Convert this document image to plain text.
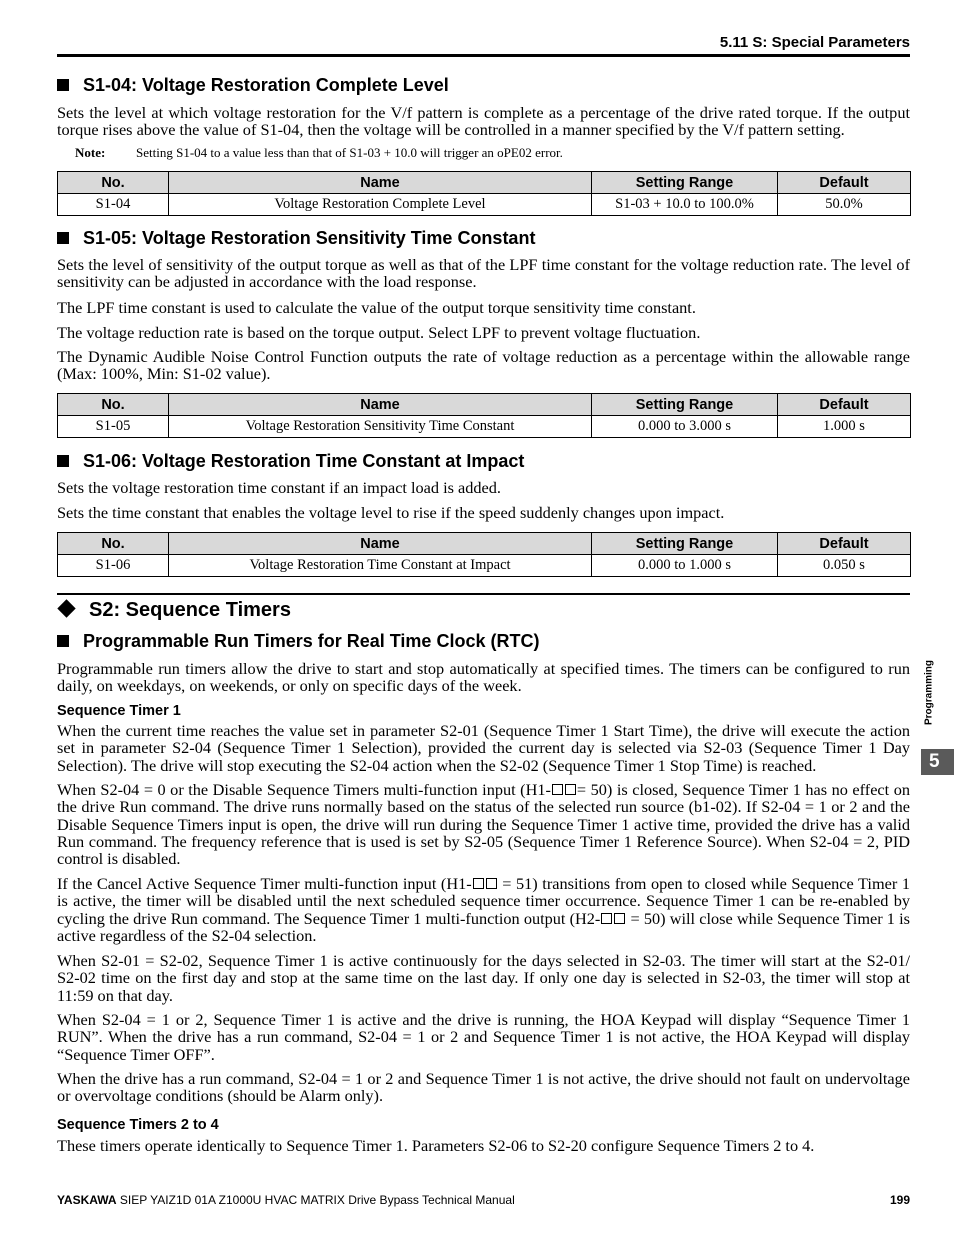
5.11 S: Special Parameters
S1-04: Voltage Restoration Complete Level
Sets the level at which voltage restoration for the V/f pattern is complete as a percentage of the drive rated torque. If the output torque rises above the value of S1-04, then the voltage will be controlled in a manner specified by the V/f pattern setting.
Note: Setting S1-04 to a value less than that of S1-03 + 10.0 will trigger an oPE02 error.
No.	Name	Setting Range	Default
S1-04	Voltage Restoration Complete Level	S1-03 + 10.0 to 100.0%	50.0%
S1-05: Voltage Restoration Sensitivity Time Constant
Sets the level of sensitivity of the output torque as well as that of the LPF time constant for the voltage reduction rate. The level of sensitivity can be adjusted in accordance with the load response.
The LPF time constant is used to calculate the value of the output torque sensitivity time constant.
The voltage reduction rate is based on the torque output. Select LPF to prevent voltage fluctuation.
The Dynamic Audible Noise Control Function outputs the rate of voltage reduction as a percentage within the allowable range (Max: 100%, Min: S1-02 value).
No.	Name	Setting Range	Default
S1-05	Voltage Restoration Sensitivity Time Constant	0.000 to 3.000 s	1.000 s
S1-06: Voltage Restoration Time Constant at Impact
Sets the voltage restoration time constant if an impact load is added.
Sets the time constant that enables the voltage level to rise if the speed suddenly changes upon impact.
No.	Name	Setting Range	Default
S1-06	Voltage Restoration Time Constant at Impact	0.000 to 1.000 s	0.050 s
S2: Sequence Timers
Programmable Run Timers for Real Time Clock (RTC)
Programmable run timers allow the drive to start and stop automatically at specified times. The timers can be configured to run daily, on weekdays, on weekends, or only on specific days of the week.
Sequence Timer 1
When the current time reaches the value set in parameter S2-01 (Sequence Timer 1 Start Time), the drive will execute the action set in parameter S2-04 (Sequence Timer 1 Selection), provided the current day is selected via S2-03 (Sequence Timer 1 Day Selection). The drive will stop executing the S2-04 action when the S2-02 (Sequence Timer 1 Stop Time) is reached.
When S2-04 = 0 or the Disable Sequence Timers multi-function input (H1- = 50) is closed, Sequence Timer 1 has no effect on the drive Run command. The drive runs normally based on the status of the selected run source (b1-02). If S2-04 = 1 or 2 and the Disable Sequence Timers input is open, the drive will run during the Sequence Timer 1 active time, provided the drive has a valid Run command. The frequency reference that is used is set by S2-05 (Sequence Timer 1 Reference Source). When S2-04 = 2, PID control is disabled.
If the Cancel Active Sequence Timer multi-function input (H1- = 51) transitions from open to closed while Sequence Timer 1 is active, the timer will be disabled until the next scheduled sequence timer occurrence. Sequence Timer 1 can be re-enabled by cycling the drive Run command. The Sequence Timer 1 multi-function output (H2- = 50) will close while Sequence Timer 1 is active regardless of the S2-04 selection.
When S2-01 = S2-02, Sequence Timer 1 is active continuously for the days selected in S2-03. The timer will start at the S2-01/ S2-02 time on the first day and stop at the same time on the last day. If only one day is selected in S2-03, the timer will stop at 11:59 on that day.
When S2-04 = 1 or 2, Sequence Timer 1 is active and the drive is running, the HOA Keypad will display “Sequence Timer 1 RUN”. When the drive has a run command, S2-04 = 1 or 2 and Sequence Timer 1 is not active, the HOA Keypad will display “Sequence Timer OFF”.
When the drive has a run command, S2-04 = 1 or 2 and Sequence Timer 1 is not active, the drive should not fault on undervoltage or overvoltage conditions (should be Alarm only).
Sequence Timers 2 to 4
These timers operate identically to Sequence Timer 1. Parameters S2-06 to S2-20 configure Sequence Timers 2 to 4.
Programming
5
YASKAWA SIEP YAIZ1D 01A Z1000U HVAC MATRIX Drive Bypass Technical Manual	199
